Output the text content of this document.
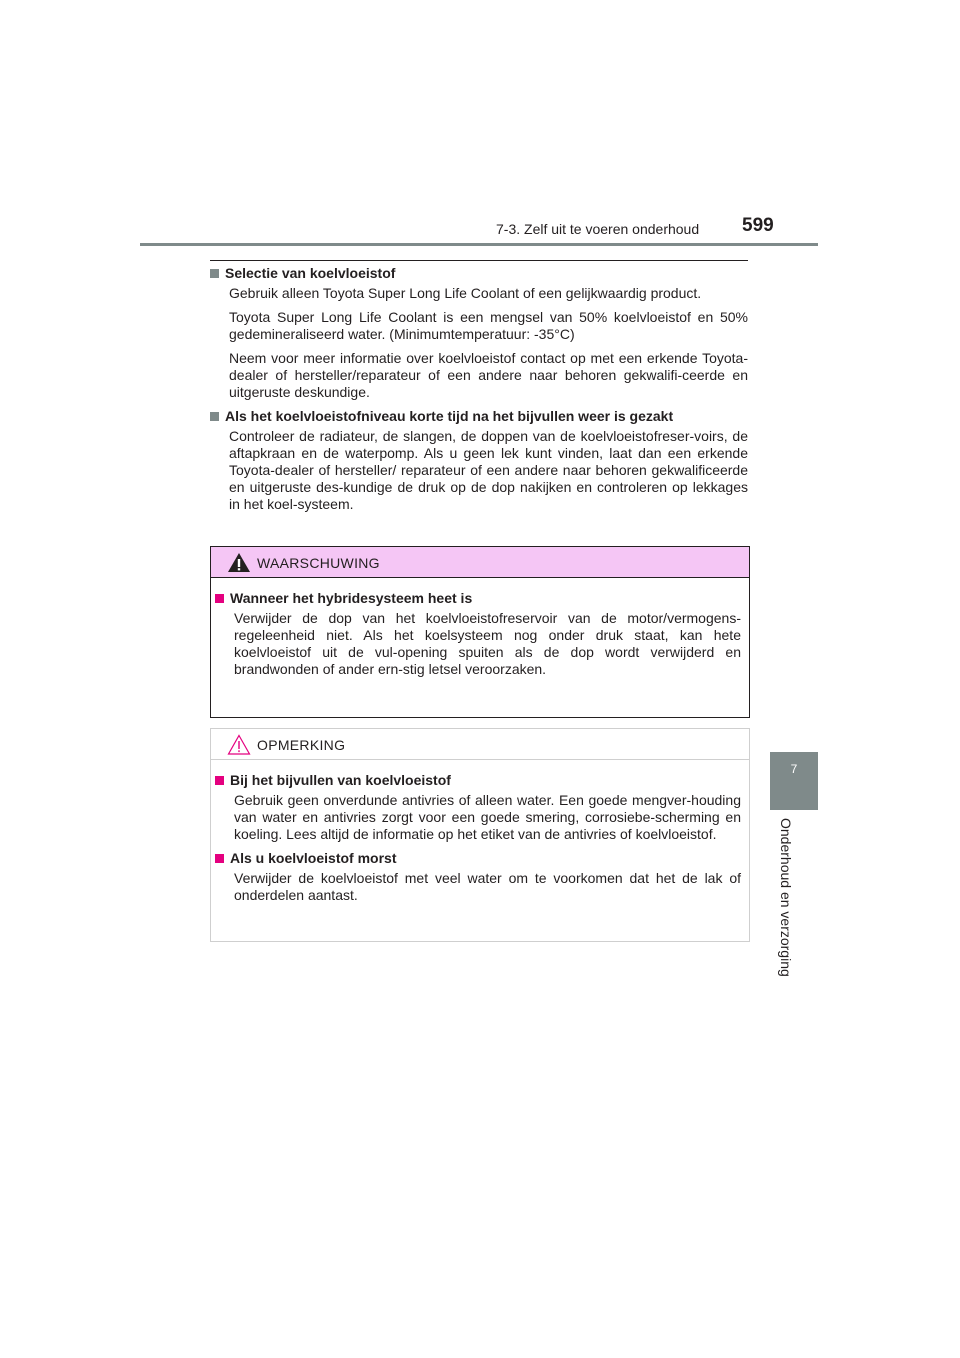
7-3. Zelf uit te voeren onderhoud 599
7
Onderhoud en verzorging
Selectie van koelvloeistof

Gebruik alleen Toyota Super Long Life Coolant of een gelijkwaardig product.

Toyota Super Long Life Coolant is een mengsel van 50% koelvloeistof en 50% gedemineraliseerd water. (Minimumtemperatuur: -35°C)

Neem voor meer informatie over koelvloeistof contact op met een erkende Toyota-dealer of hersteller/reparateur of een andere naar behoren gekwalifi-ceerde en uitgeruste deskundige.

Als het koelvloeistofniveau korte tijd na het bijvullen weer is gezakt

Controleer de radiateur, de slangen, de doppen van de koelvloeistofreser-voirs, de aftapkraan en de waterpomp. Als u geen lek kunt vinden, laat dan een erkende Toyota-dealer of hersteller/ reparateur of een andere naar behoren gekwalificeerde en uitgeruste des-kundige de druk op de dop nakijken en controleren op lekkages in het koel-systeem.

WAARSCHUWING
Wanneer het hybridesysteem heet is

Verwijder de dop van het koelvloeistofreservoir van de motor/vermogens-regeleenheid niet. Als het koelsysteem nog onder druk staat, kan hete koelvloeistof uit de vul-opening spuiten als de dop wordt verwijderd en brandwonden of ander ern-stig letsel veroorzaken.

OPMERKING
Bij het bijvullen van koelvloeistof

Gebruik geen onverdunde antivries of alleen water. Een goede mengver-houding van water en antivries zorgt voor een goede smering, corrosiebe-scherming en koeling. Lees altijd de informatie op het etiket van de antivries of koelvloeistof.

Als u koelvloeistof morst

Verwijder de koelvloeistof met veel water om te voorkomen dat het de lak of onderdelen aantast.
